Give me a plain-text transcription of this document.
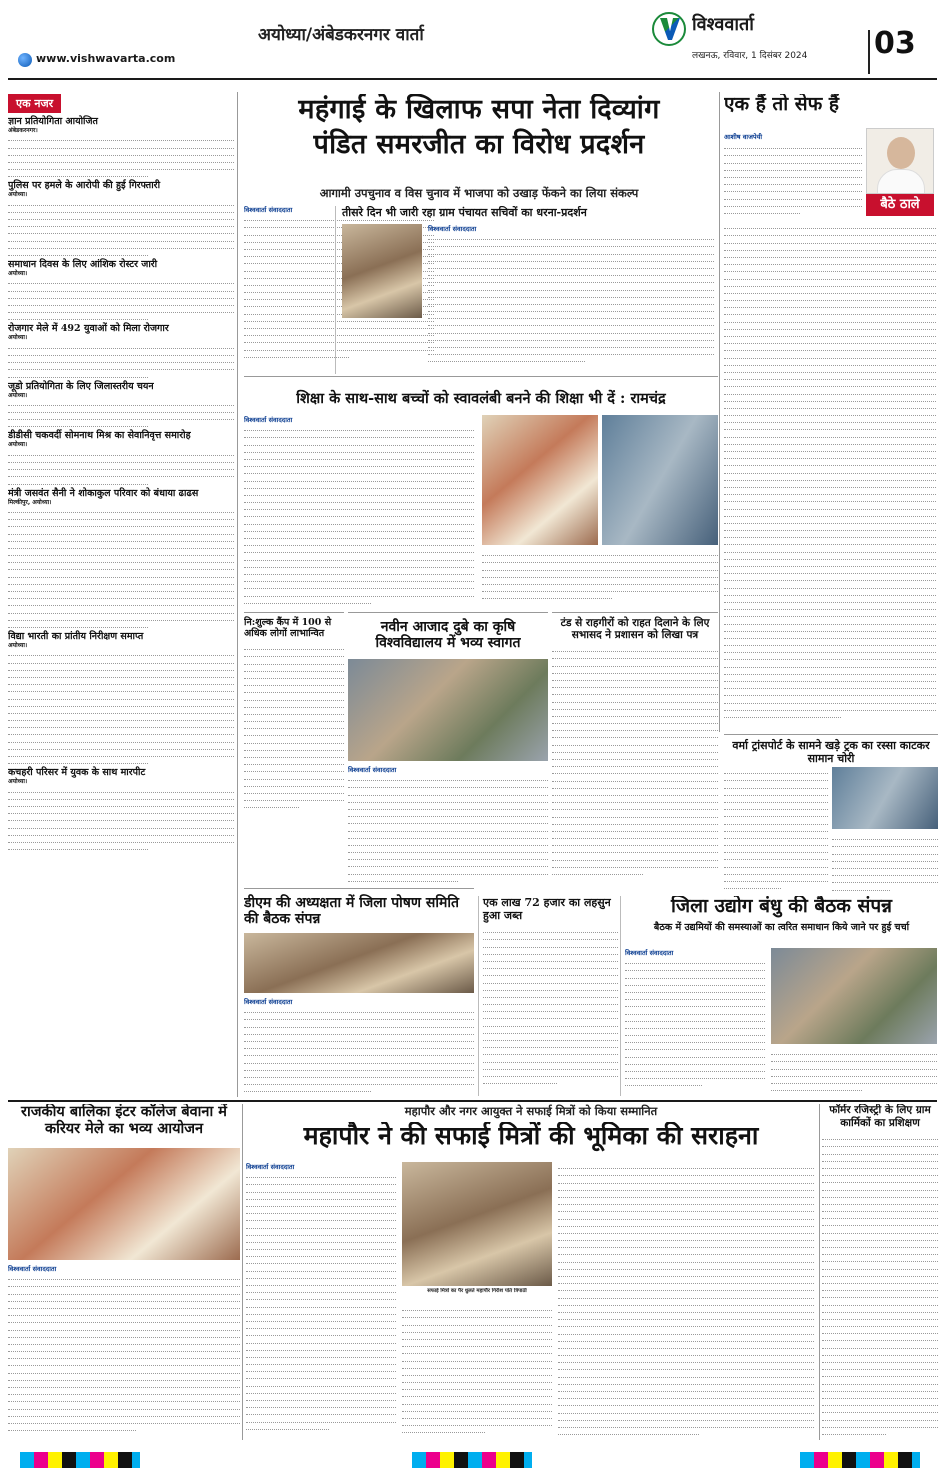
अयोध्या/अंबेडकरनगर वार्ता
www.vishwavarta.com
विश्ववार्ता
लखनऊ, रविवार, 1 दिसंबर 2024	03
एक नजर
ज्ञान प्रतियोगिता आयोजित
अंबेडकरनगर।
पुलिस पर हमले के आरोपी की हुई गिरफ्तारी
अयोध्या।
समाधान दिवस के लिए आंशिक रोस्टर जारी
अयोध्या।
रोजगार मेले में 492 युवाओं को मिला रोजगार
अयोध्या।
जूडो प्रतियोगिता के लिए जिलास्तरीय चयन
अयोध्या।
डीडीसी चकवर्दी सोमनाथ मिश्र का सेवानिवृत्त समारोह
अयोध्या।
मंत्री जसवंत सैनी ने शोकाकुल परिवार को बंधाया ढाढस
मिल्कीपुर, अयोध्या।
विद्या भारती का प्रांतीय निरीक्षण समाप्त
अयोध्या।
कचहरी परिसर में युवक के साथ मारपीट
अयोध्या।
महंगाई के खिलाफ सपा नेता दिव्यांग
पंडित समरजीत का विरोध प्रदर्शन
आगामी उपचुनाव व विस चुनाव में भाजपा को उखाड़ फेंकने का लिया संकल्प
विश्ववार्ता संवाददाता	तीसरे दिन भी जारी रहा ग्राम पंचायत सचिवों का धरना-प्रदर्शन
विश्ववार्ता संवाददाता
एक हैं तो सेफ हैं
बैठे ठाले
आशीष वाजपेयी
शिक्षा के साथ-साथ बच्चों को स्वावलंबी बनने की शिक्षा भी दें : रामचंद्र
विश्ववार्ता संवाददाता
नि:शुल्क कैंप में 100 से अधिक लोगों लाभान्वित	नवीन आजाद दुबे का कृषि विश्वविद्यालय में भव्य स्वागत
विश्ववार्ता संवाददाता
टंड से राहगीरों को राहत दिलाने के लिए सभासद ने प्रशासन को लिखा पत्र
वर्मा ट्रांसपोर्ट के सामने खड़े ट्रक का रस्सा काटकर सामान चोरी
डीएम की अध्यक्षता में जिला पोषण समिति की बैठक संपन्न
विश्ववार्ता संवाददाता
एक लाख 72 हजार का लहसुन हुआ जब्त	जिला उद्योग बंधु की बैठक संपन्न
बैठक में उद्यमियों की समस्याओं का त्वरित समाधान किये जाने पर हुई चर्चा
विश्ववार्ता संवाददाता
राजकीय बालिका इंटर कॉलेज बेवाना में करियर मेले का भव्य आयोजन
विश्ववार्ता संवाददाता
महापौर और नगर आयुक्त ने सफाई मित्रों को किया सम्मानित
महापौर ने की सफाई मित्रों की भूमिका की सराहना
विश्ववार्ता संवाददाता
सफाई मित्रों का पैर धुलते महापौर गिरीश पति त्रिपाठी
फॉर्मर रजिस्ट्री के लिए ग्राम कार्मिकों का प्रशिक्षण
